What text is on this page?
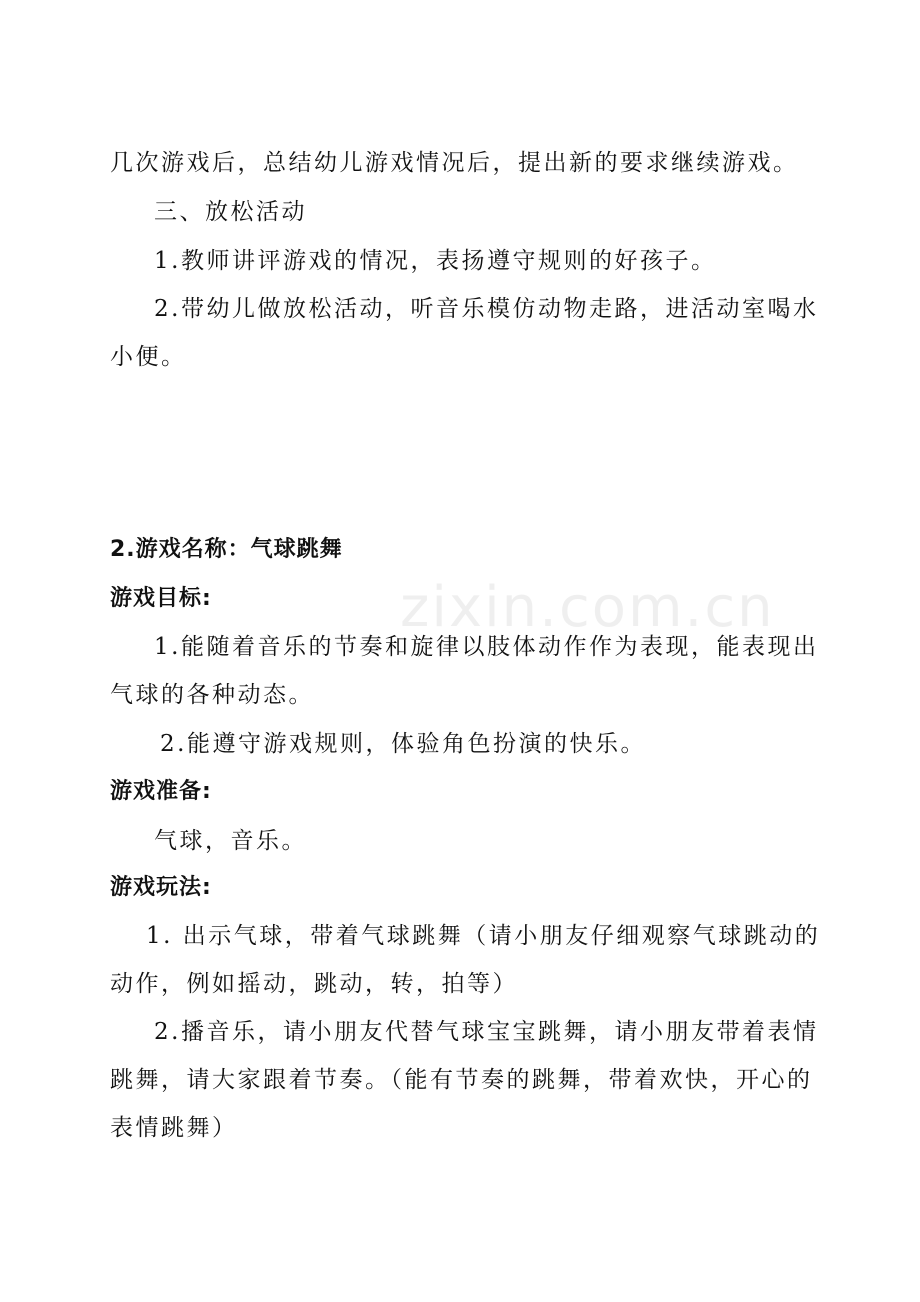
几次游戏后，总结幼儿游戏情况后，提出新的要求继续游戏。
三、放松活动
1.教师讲评游戏的情况，表扬遵守规则的好孩子。
2.带幼儿做放松活动，听音乐模仿动物走路，进活动室喝水
小便。
2.游戏名称：气球跳舞
游戏目标:
1.能随着音乐的节奏和旋律以肢体动作作为表现，能表现出
气球的各种动态。
2.能遵守游戏规则，体验角色扮演的快乐。
游戏准备:
气球，音乐。
游戏玩法:
1. 出示气球，带着气球跳舞（请小朋友仔细观察气球跳动的
动作，例如摇动，跳动，转，拍等）
2.播音乐，请小朋友代替气球宝宝跳舞，请小朋友带着表情
跳舞，请大家跟着节奏。（能有节奏的跳舞，带着欢快，开心的
表情跳舞）
zixin.com.cn
